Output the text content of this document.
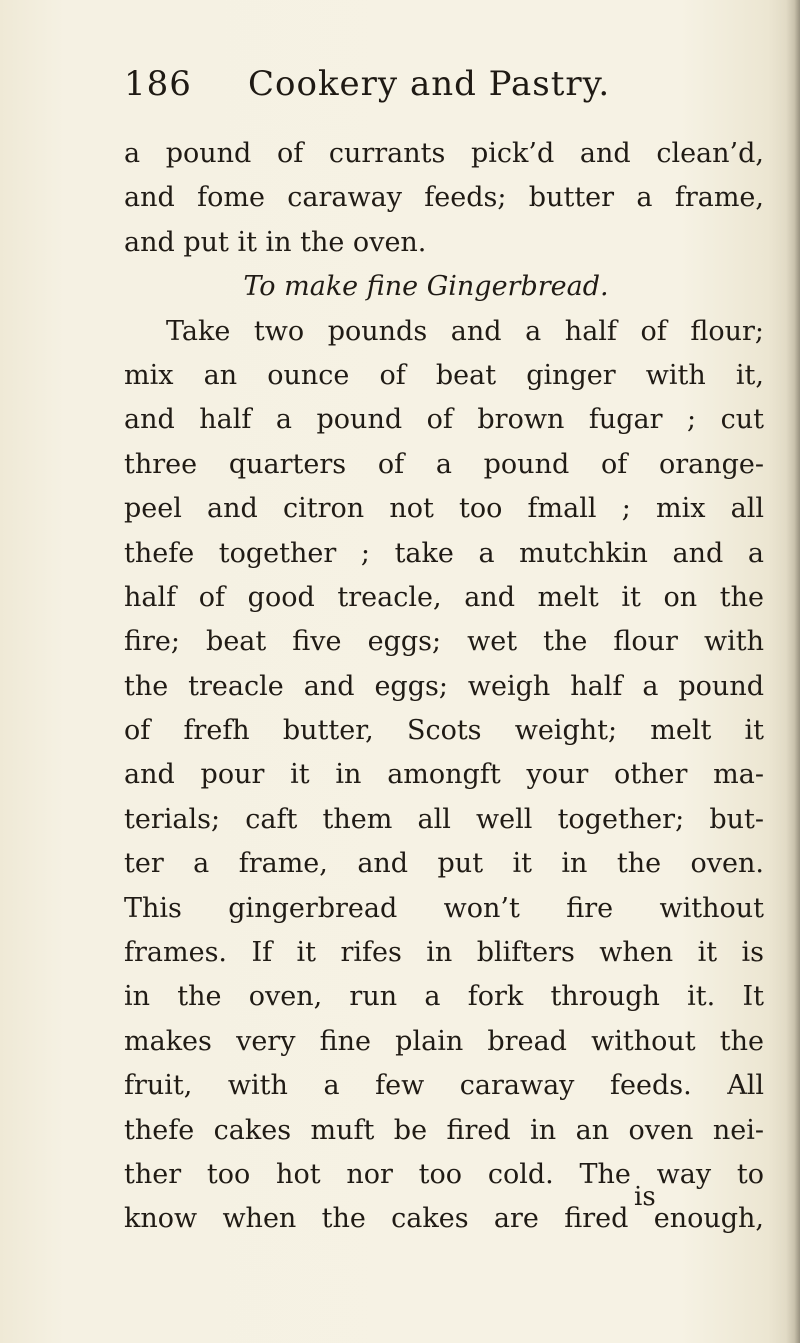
186 Cookery and Pastry.
a pound of currants pick’d and clean’d,
and fome caraway feeds; butter a frame,
and put it in the oven.
To make fine Gingerbread.
Take two pounds and a half of flour;
mix an ounce of beat ginger with it,
and half a pound of brown fugar ; cut
three quarters of a pound of orange-
peel and citron not too fmall ; mix all
thefe together ; take a mutchkin and a
half of good treacle, and melt it on the
fire; beat five eggs; wet the flour with
the treacle and eggs; weigh half a pound
of frefh butter, Scots weight; melt it
and pour it in amongft your other ma-
terials; caft them all well together; but-
ter a frame, and put it in the oven.
This gingerbread won’t fire without
frames. If it rifes in blifters when it is
in the oven, run a fork through it. It
makes very fine plain bread without the
fruit, with a few caraway feeds. All
thefe cakes muft be fired in an oven nei-
ther too hot nor too cold. The way to
know when the cakes are fired enough,
is
